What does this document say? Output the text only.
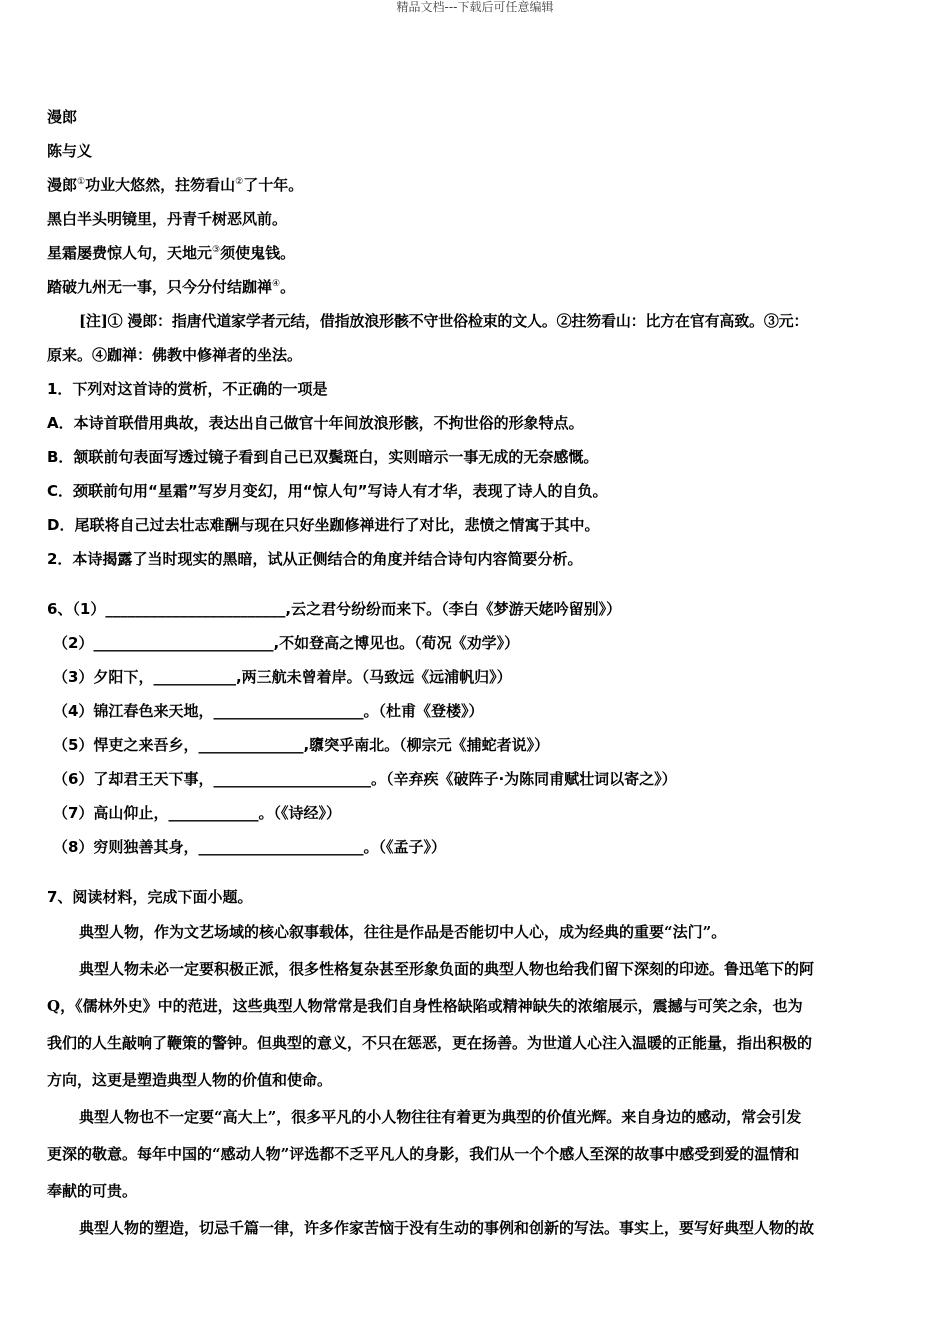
精品文档---下载后可任意编辑
漫郎
陈与义
漫郎①功业大悠然，拄笏看山②了十年。
黑白半头明镜里，丹青千树恶风前。
星霜屡费惊人句，天地元③须使鬼钱。
踏破九州无一事，只今分付结跏禅④。
[注]① 漫郎：指唐代道家学者元结，借指放浪形骸不守世俗检束的文人。②拄笏看山：比方在官有高致。③元：
原来。④跏禅：佛教中修禅者的坐法。
1．下列对这首诗的赏析，不正确的一项是
A．本诗首联借用典故，表达出自己做官十年间放浪形骸，不拘世俗的形象特点。
B．颔联前句表面写透过镜子看到自己已双鬓斑白，实则暗示一事无成的无奈感慨。
C．颈联前句用“星霜”写岁月变幻，用“惊人句”写诗人有才华，表现了诗人的自负。
D．尾联将自己过去壮志难酬与现在只好坐跏修禅进行了对比，悲愤之情寓于其中。
2．本诗揭露了当时现实的黑暗，试从正侧结合的角度并结合诗句内容简要分析。
6、（1）________________________,云之君兮纷纷而来下。（李白《梦游天姥吟留别》）
（2）________________________,不如登高之博见也。（荀况《劝学》）
（3）夕阳下，___________,两三航未曾着岸。（马致远《远浦帆归》）
（4）锦江春色来天地，____________________。（杜甫《登楼》）
（5）悍吏之来吾乡，______________,隳突乎南北。（柳宗元《捕蛇者说》）
（6）了却君王天下事，_____________________。（辛弃疾《破阵子·为陈同甫赋壮词以寄之》）
（7）高山仰止，____________。（《诗经》）
（8）穷则独善其身，______________________。（《孟子》）
7、阅读材料，完成下面小题。
典型人物，作为文艺场域的核心叙事载体，往往是作品是否能切中人心，成为经典的重要“法门”。
典型人物未必一定要积极正派，很多性格复杂甚至形象负面的典型人物也给我们留下深刻的印迹。鲁迅笔下的阿
Q，《儒林外史》中的范进，这些典型人物常常是我们自身性格缺陷或精神缺失的浓缩展示，震撼与可笑之余，也为
我们的人生敲响了鞭策的警钟。但典型的意义，不只在惩恶，更在扬善。为世道人心注入温暖的正能量，指出积极的
方向，这更是塑造典型人物的价值和使命。
典型人物也不一定要“高大上”，很多平凡的小人物往往有着更为典型的价值光辉。来自身边的感动，常会引发
更深的敬意。每年中国的“感动人物”评选都不乏平凡人的身影，我们从一个个感人至深的故事中感受到爱的温情和
奉献的可贵。
典型人物的塑造，切忌千篇一律，许多作家苦恼于没有生动的事例和创新的写法。事实上，要写好典型人物的故
